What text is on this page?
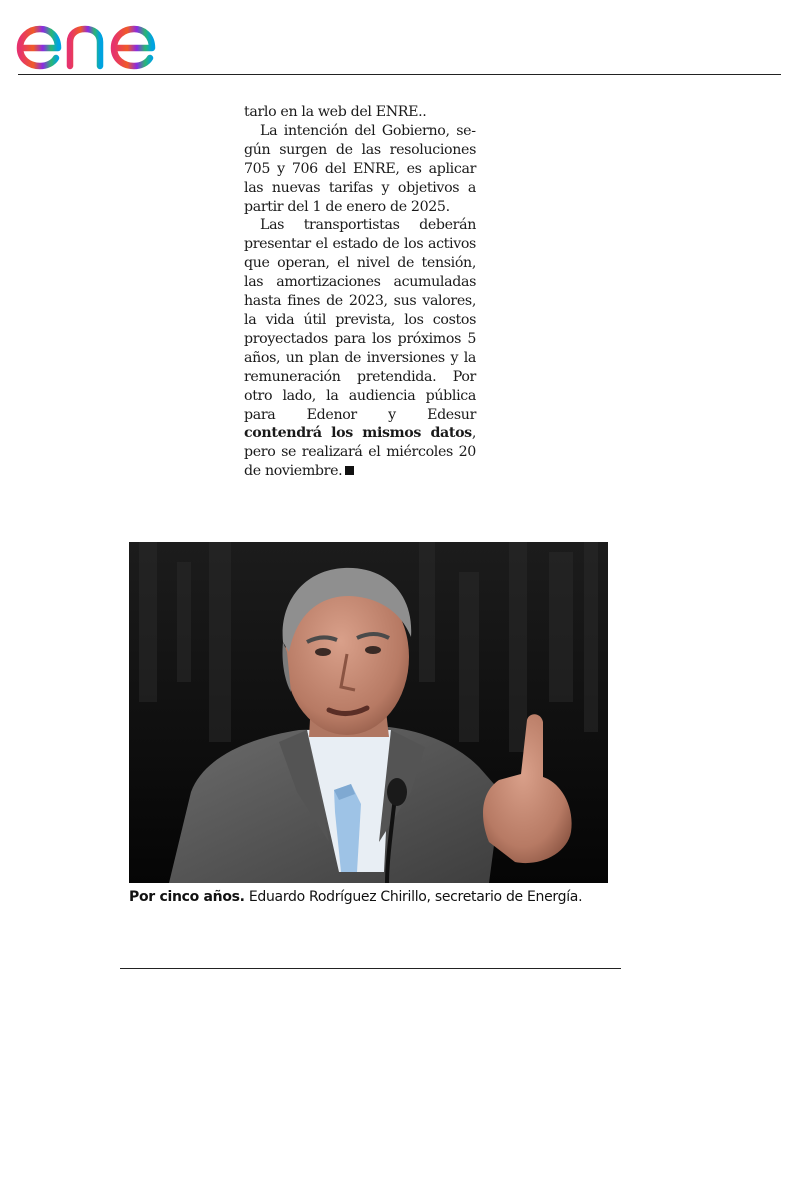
tarlo en la web del ENRE..

La intención del Gobierno, según surgen de las resoluciones 705 y 706 del ENRE, es aplicar las nuevas tarifas y objetivos a partir del 1 de enero de 2025.

Las transportistas deberán presentar el estado de los activos que operan, el nivel de tensión, las amortizaciones acumuladas hasta fines de 2023, sus valores, la vida útil prevista, los costos proyectados para los próximos 5 años, un plan de inversiones y la remuneración pretendida. Por otro lado, la audiencia pública para Edenor y Edesur contendrá los mismos datos, pero se realizará el miércoles 20 de noviembre.

Por cinco años. Eduardo Rodríguez Chirillo, secretario de Energía.
